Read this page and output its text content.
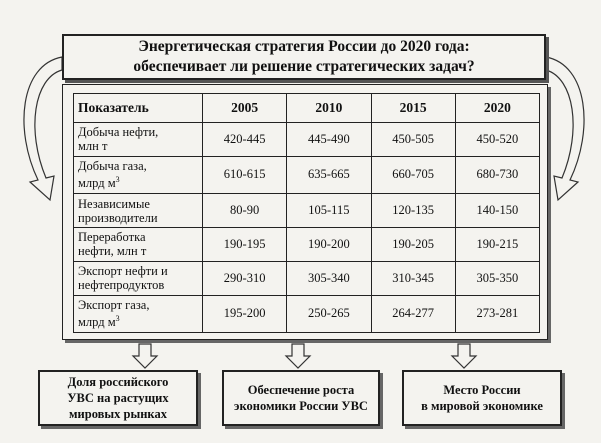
Энергетическая стратегия России до 2020 года:
обеспечивает ли решение стратегических задач?
Показатель	2005	2010	2015	2020
Добыча нефти,
млн т	420-445	445-490	450-505	450-520
Добыча газа,
млрд $м^3$	610-615	635-665	660-705	680-730
Независимые
производители	80-90	105-115	120-135	140-150
Переработка
нефти, млн т	190-195	190-200	190-205	190-215
Экспорт нефти и
нефтепродуктов	290-310	305-340	310-345	305-350
Экспорт газа,
млрд $м^3$	195-200	250-265	264-277	273-281
Доля российского
УВС на растущих
мировых рынках
Обеспечение роста
экономики России УВС
Место России
в мировой экономике
